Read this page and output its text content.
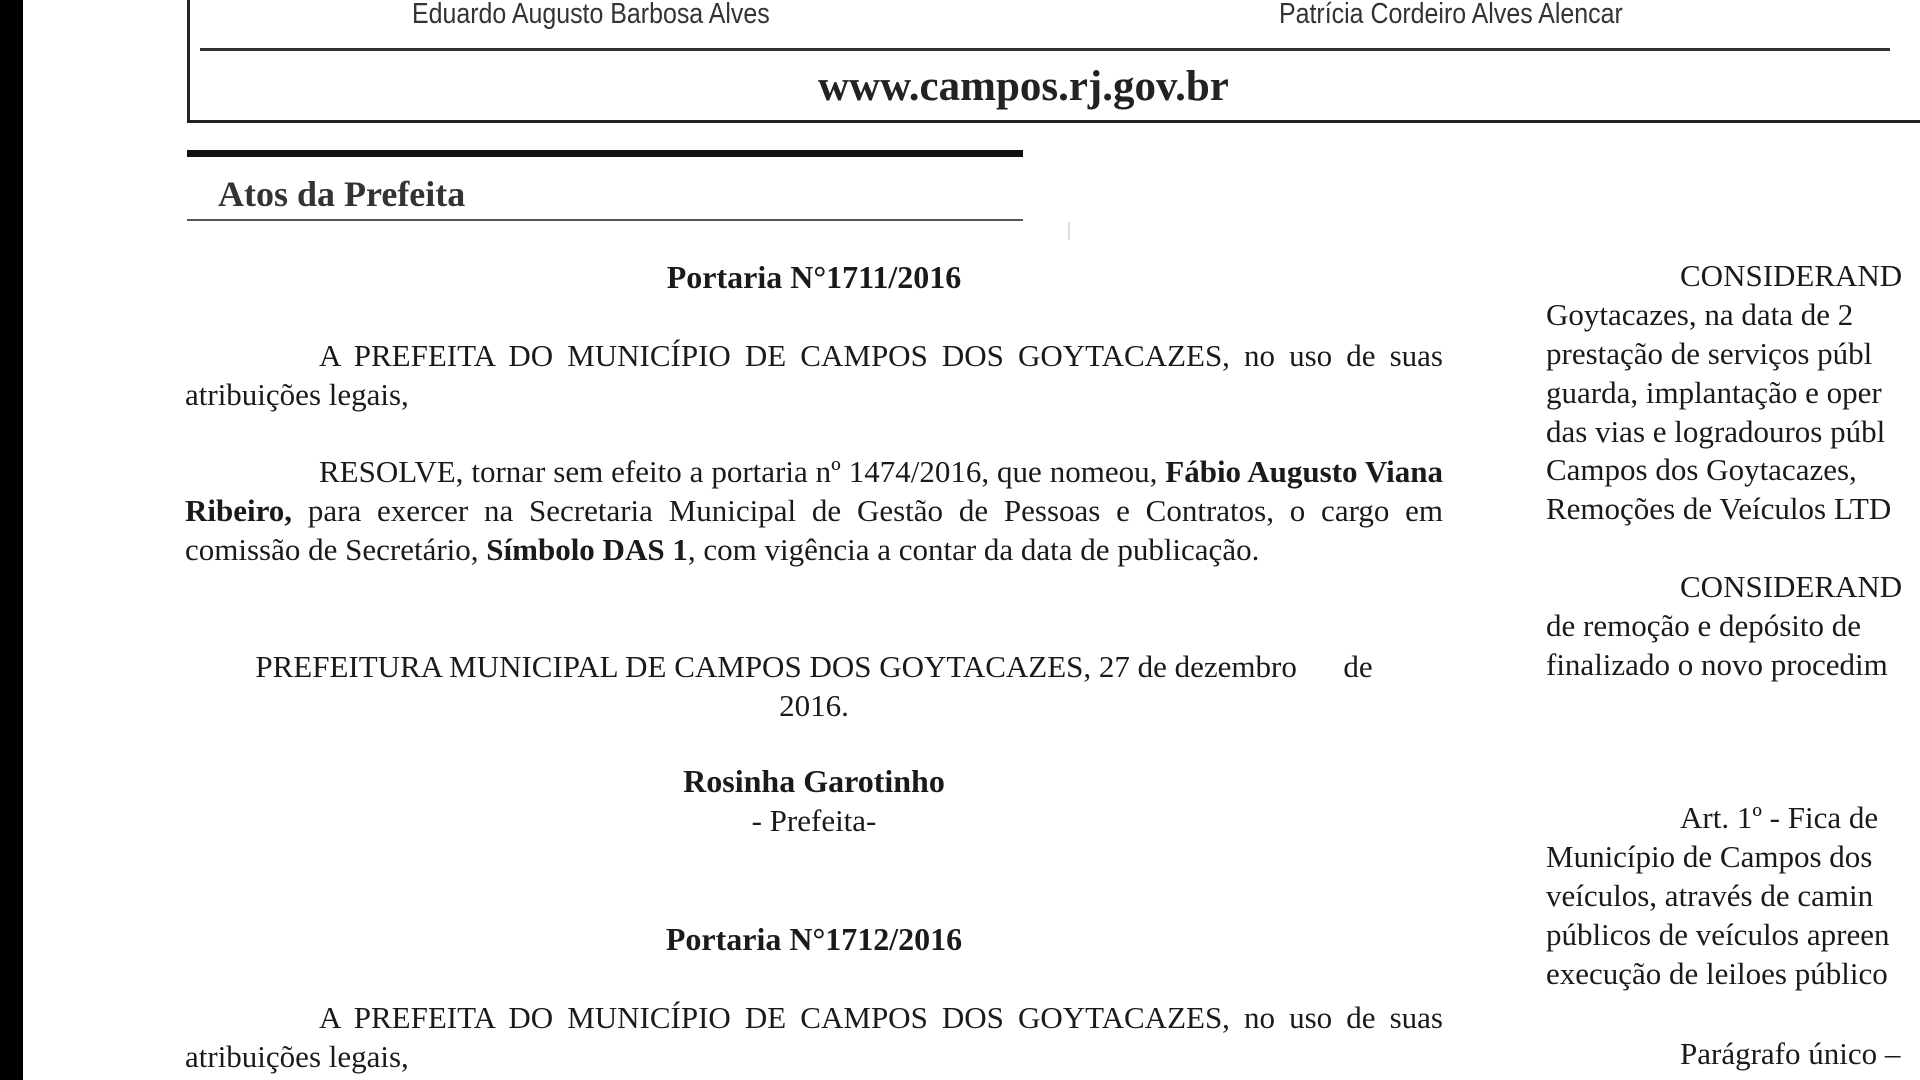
Eduardo Augusto Barbosa Alves	Patrícia Cordeiro Alves Alencar
www.campos.rj.gov.br
Atos da Prefeita
Portaria N°1711/2016
A PREFEITA DO MUNICÍPIO DE CAMPOS DOS GOYTACAZES, no uso de suas atribuições legais,
RESOLVE, tornar sem efeito a portaria nº 1474/2016, que nomeou, Fábio Augusto Viana Ribeiro, para exercer na Secretaria Municipal de Gestão de Pessoas e Contratos, o cargo em comissão de Secretário, Símbolo DAS 1, com vigência a contar da data de publicação.
PREFEITURA MUNICIPAL DE CAMPOS DOS GOYTACAZES, 27 de dezembro      de
2016.
Rosinha Garotinho
- Prefeita-
Portaria N°1712/2016
A PREFEITA DO MUNICÍPIO DE CAMPOS DOS GOYTACAZES, no uso de suas atribuições legais,
CONSIDERAND
Goytacazes, na data de 2
prestação de serviços públ
guarda, implantação e oper
das vias e logradouros públ
Campos dos Goytacazes,
Remoções de Veículos LTD
CONSIDERAND
de remoção e depósito de
finalizado o novo procedim
Art. 1º - Fica de
Município de Campos dos
veículos, através de camin
públicos de veículos apreen
execução de leiloes público
Parágrafo único –
